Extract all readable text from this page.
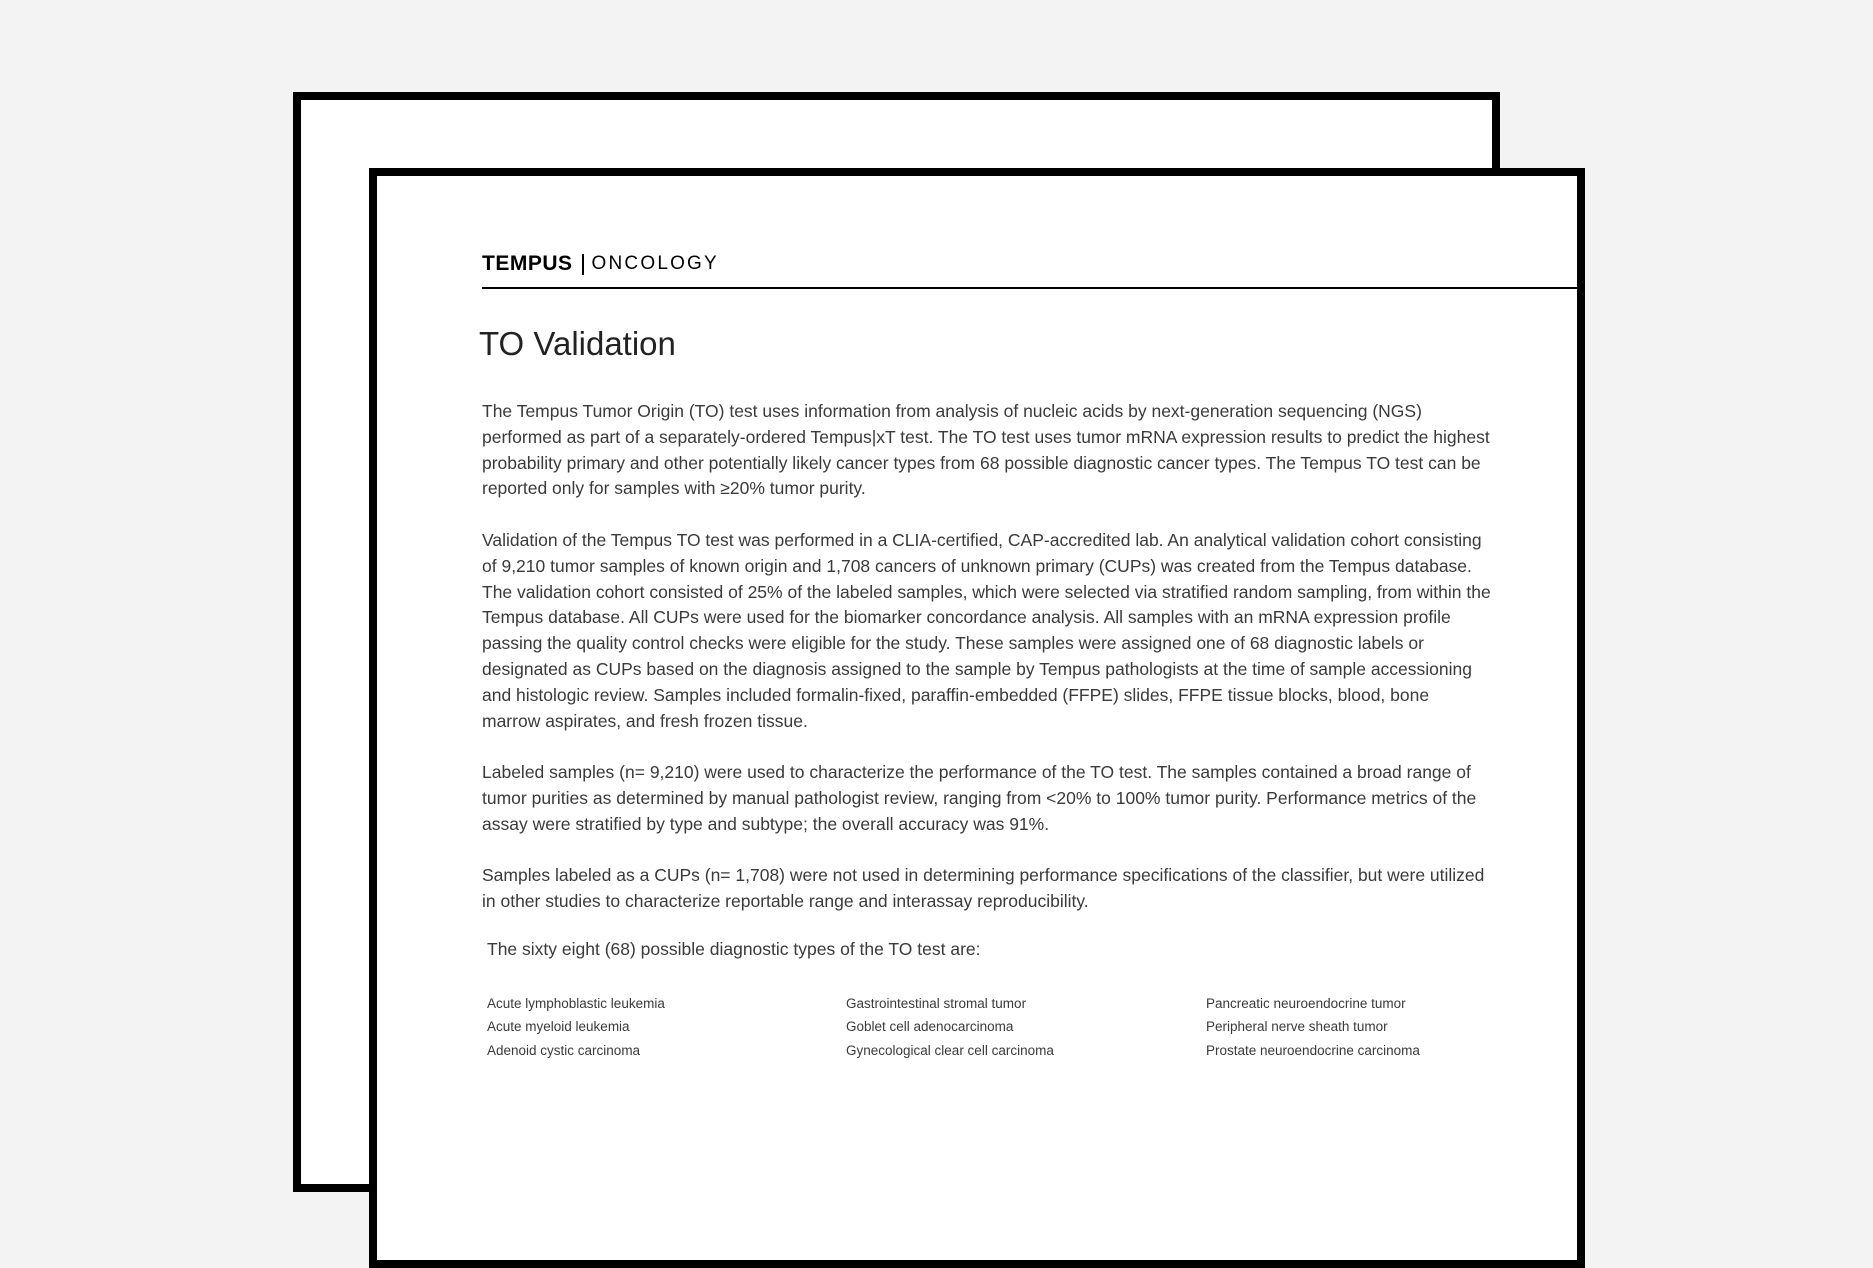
TEMPUS ONCOLOGY
TO Validation

The Tempus Tumor Origin (TO) test uses information from analysis of nucleic acids by next-generation sequencing (NGS) performed as part of a separately-ordered Tempus|xT test. The TO test uses tumor mRNA expression results to predict the highest probability primary and other potentially likely cancer types from 68 possible diagnostic cancer types. The Tempus TO test can be reported only for samples with ≥20% tumor purity.

Validation of the Tempus TO test was performed in a CLIA-certified, CAP-accredited lab. An analytical validation cohort consisting of 9,210 tumor samples of known origin and 1,708 cancers of unknown primary (CUPs) was created from the Tempus database. The validation cohort consisted of 25% of the labeled samples, which were selected via stratified random sampling, from within the Tempus database. All CUPs were used for the biomarker concordance analysis. All samples with an mRNA expression profile passing the quality control checks were eligible for the study. These samples were assigned one of 68 diagnostic labels or designated as CUPs based on the diagnosis assigned to the sample by Tempus pathologists at the time of sample accessioning and histologic review. Samples included formalin-fixed, paraffin-embedded (FFPE) slides, FFPE tissue blocks, blood, bone marrow aspirates, and fresh frozen tissue.

Labeled samples (n= 9,210) were used to characterize the performance of the TO test. The samples contained a broad range of tumor purities as determined by manual pathologist review, ranging from <20% to 100% tumor purity. Performance metrics of the assay were stratified by type and subtype; the overall accuracy was 91%.

Samples labeled as a CUPs (n= 1,708) were not used in determining performance specifications of the classifier, but were utilized in other studies to characterize reportable range and interassay reproducibility.

The sixty eight (68) possible diagnostic types of the TO test are:

Acute lymphoblastic leukemia
Acute myeloid leukemia
Adenoid cystic carcinoma
Gastrointestinal stromal tumor
Goblet cell adenocarcinoma
Gynecological clear cell carcinoma
Pancreatic neuroendocrine tumor
Peripheral nerve sheath tumor
Prostate neuroendocrine carcinoma
